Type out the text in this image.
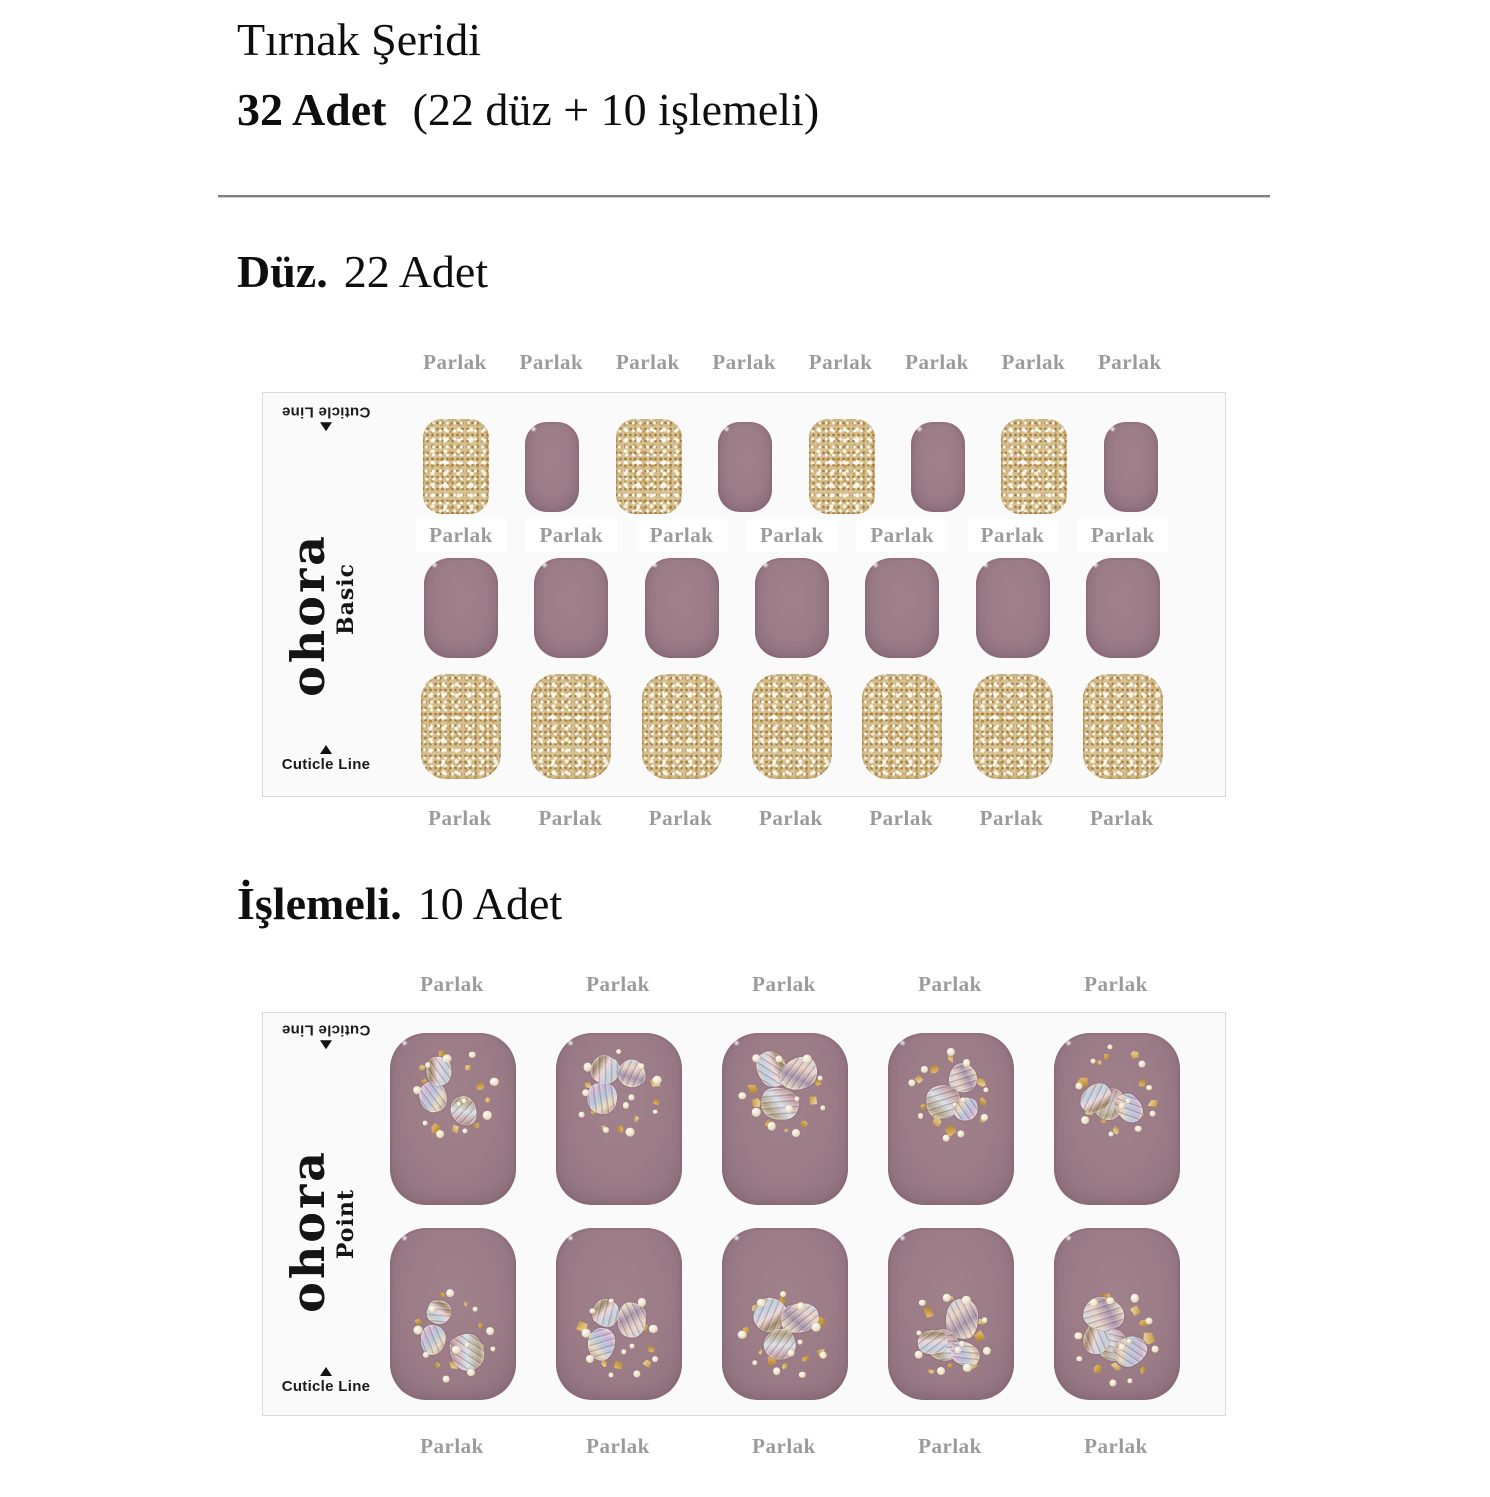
Tırnak Şeridi
32 Adet (22 düz + 10 işlemeli)
Düz. 22 Adet
İşlemeli. 10 Adet
Parlak	Parlak	Parlak	Parlak	Parlak	Parlak	Parlak
Cuticle Line
Cuticle Line
ohora
Basic
Cuticle Line
Cuticle Line
ohora
Point
Parlak Parlak Parlak Parlak Parlak Parlak Parlak Parlak
Parlak Parlak Parlak Parlak Parlak Parlak Parlak
Parlak	Parlak	Parlak	Parlak	Parlak
Parlak	Parlak	Parlak	Parlak	Parlak
